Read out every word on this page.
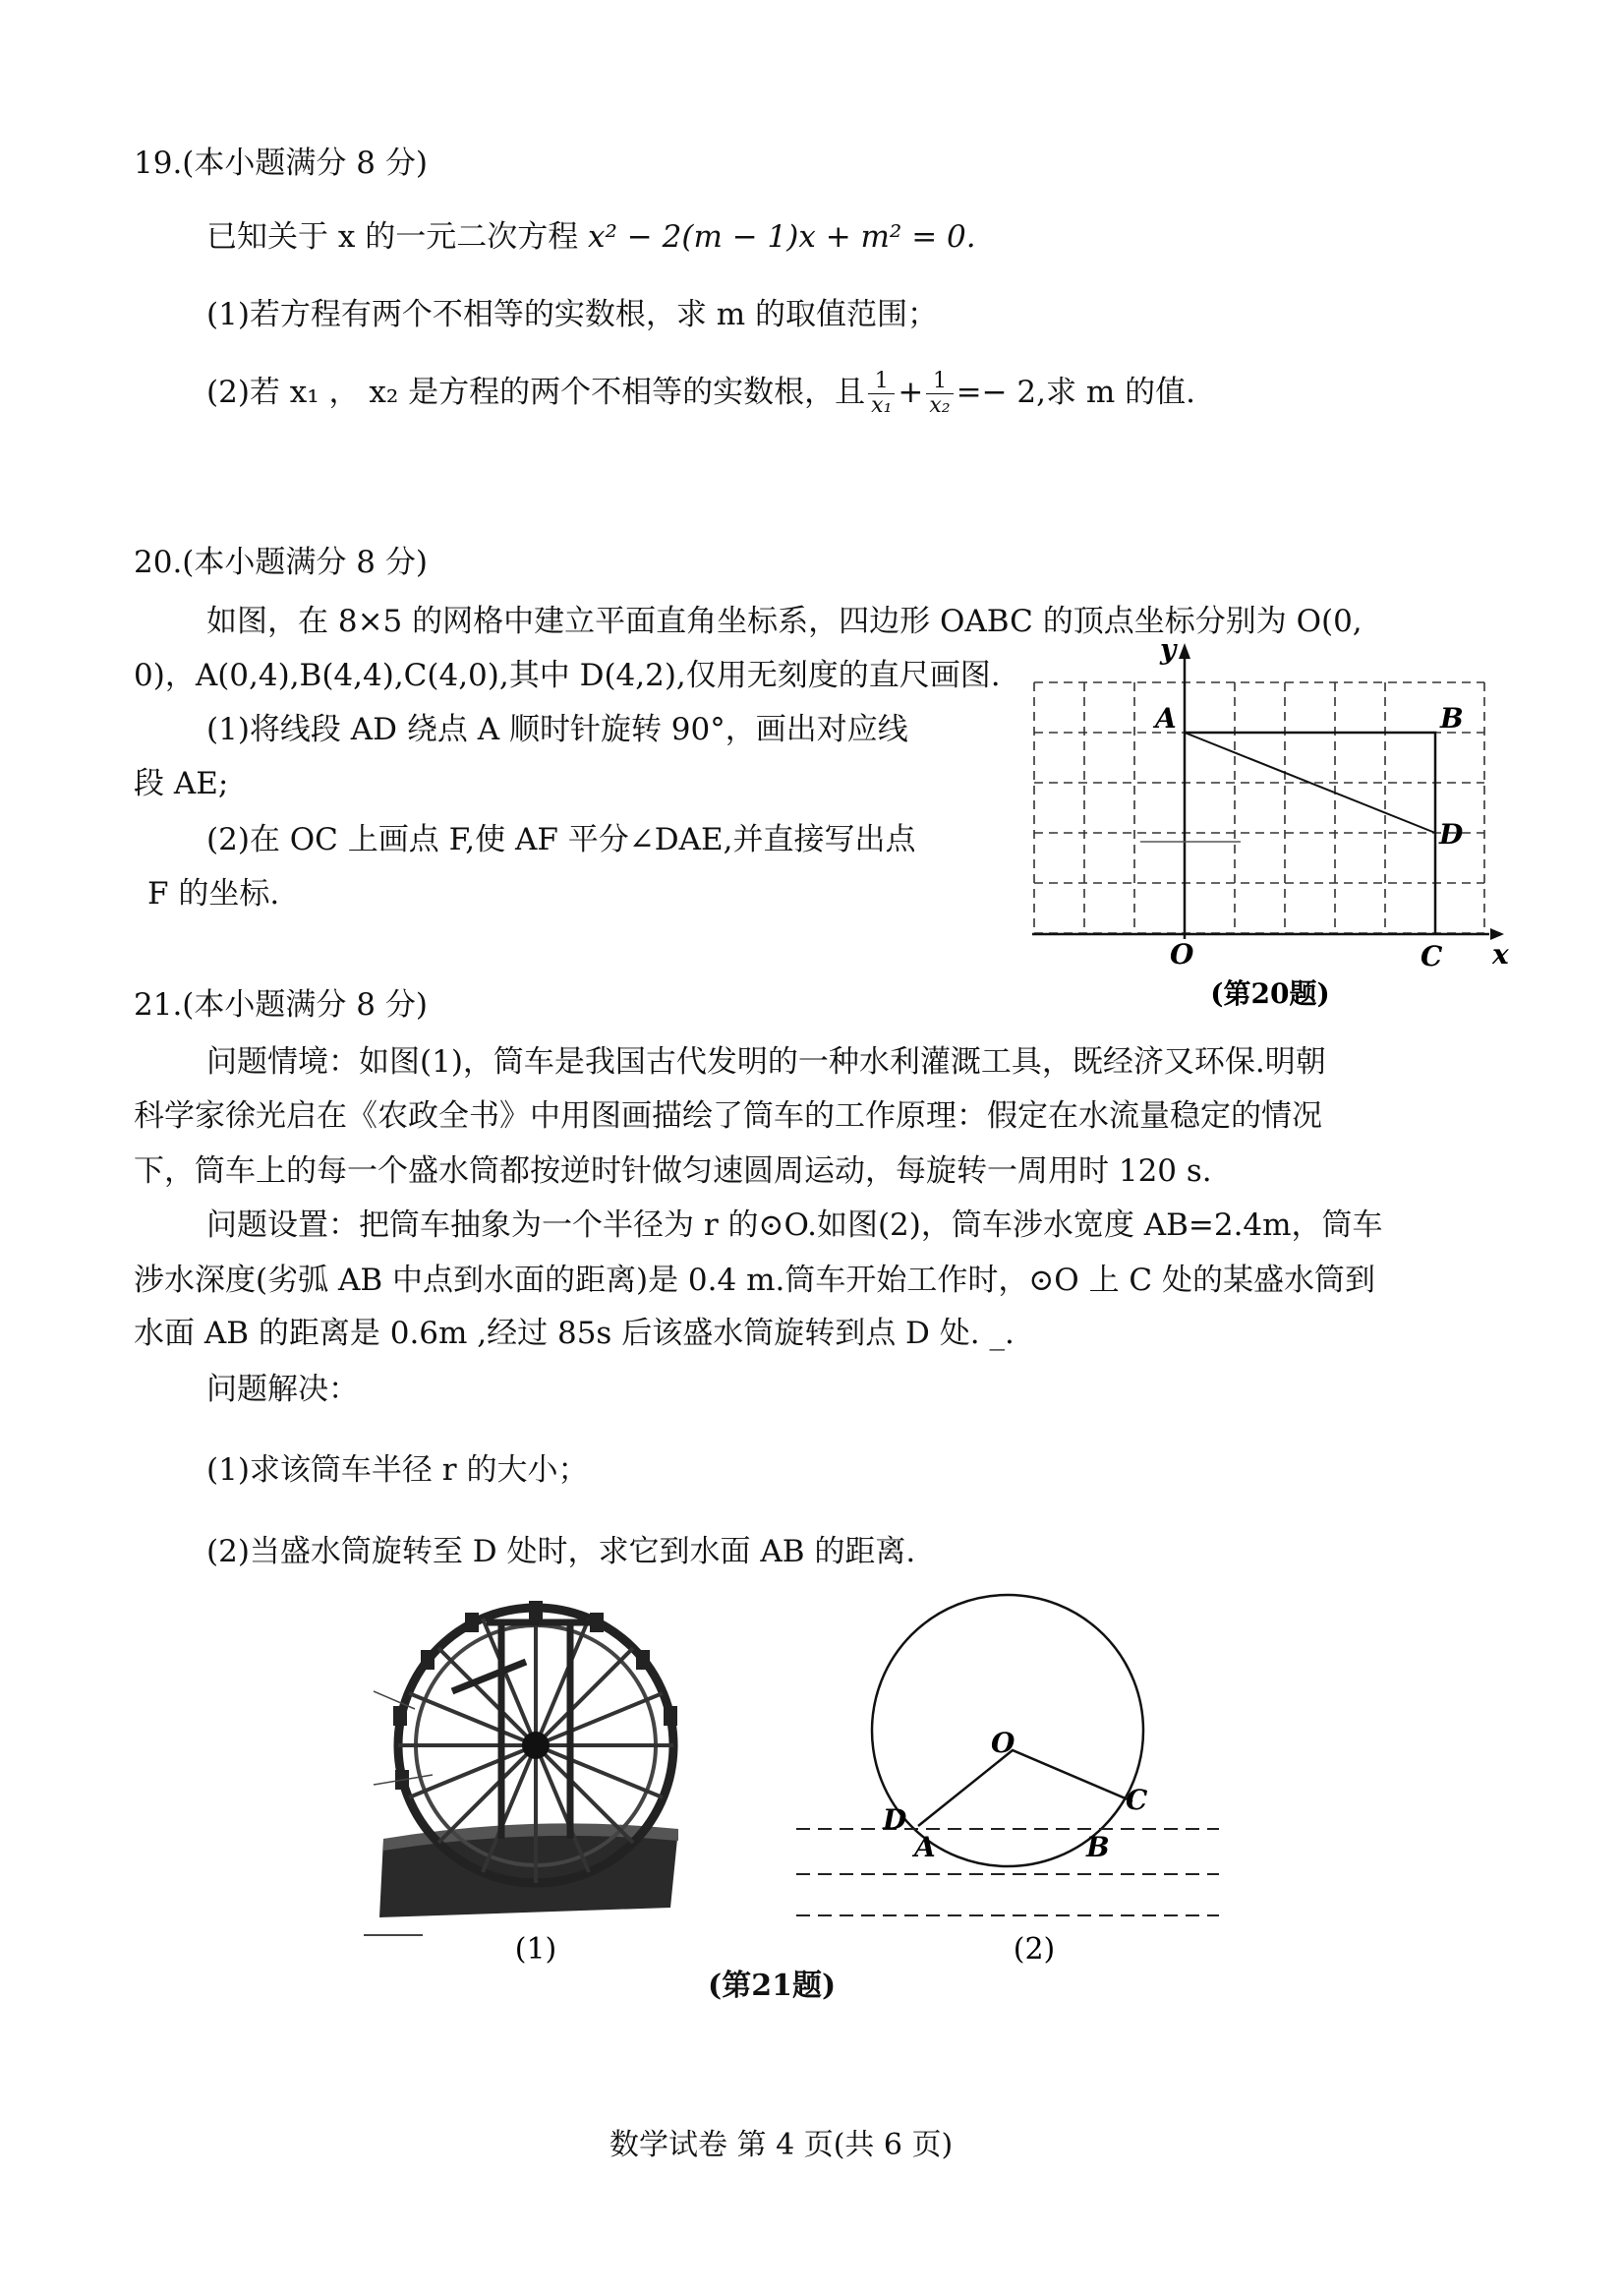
19.(本小题满分 8 分)
已知关于 x 的一元二次方程 x² − 2(m − 1)x + m² = 0.
(1)若方程有两个不相等的实数根，求 m 的取值范围；
(2)若 x₁ ， x₂ 是方程的两个不相等的实数根，且 $\frac{1}{\text{x₁}} + \frac{1}{\text{x₂}} =- 2$,求 m 的值.
20.(本小题满分 8 分)
如图，在 8×5 的网格中建立平面直角坐标系，四边形 OABC 的顶点坐标分别为 O(0,
0)，A(0,4),B(4,4),C(4,0),其中 D(4,2),仅用无刻度的直尺画图.
(1)将线段 AD 绕点 A 顺时针旋转 90°，画出对应线
段 AE;
(2)在 OC 上画点 F,使 AF 平分∠DAE,并直接写出点
F 的坐标.
y
A	B
D
O	C x
(第20题)
21.(本小题满分 8 分)
问题情境：如图(1)，筒车是我国古代发明的一种水利灌溉工具，既经济又环保.明朝
科学家徐光启在《农政全书》中用图画描绘了筒车的工作原理：假定在水流量稳定的情况
下，筒车上的每一个盛水筒都按逆时针做匀速圆周运动，每旋转一周用时 120 s.
问题设置：把筒车抽象为一个半径为 r 的⊙O.如图(2)，筒车涉水宽度 AB=2.4m，筒车
涉水深度(劣弧 AB 中点到水面的距离)是 0.4 m.筒车开始工作时，⊙O 上 C 处的某盛水筒到
水面 AB 的距离是 0.6m ,经过 85s 后该盛水筒旋转到点 D 处. _.
问题解决：
(1)求该筒车半径 r 的大小；
(2)当盛水筒旋转至 D 处时，求它到水面 AB 的距离.
(1)
O
D
C
A	B
(2)
(第21题)
数学试卷 第 4 页(共 6 页)
